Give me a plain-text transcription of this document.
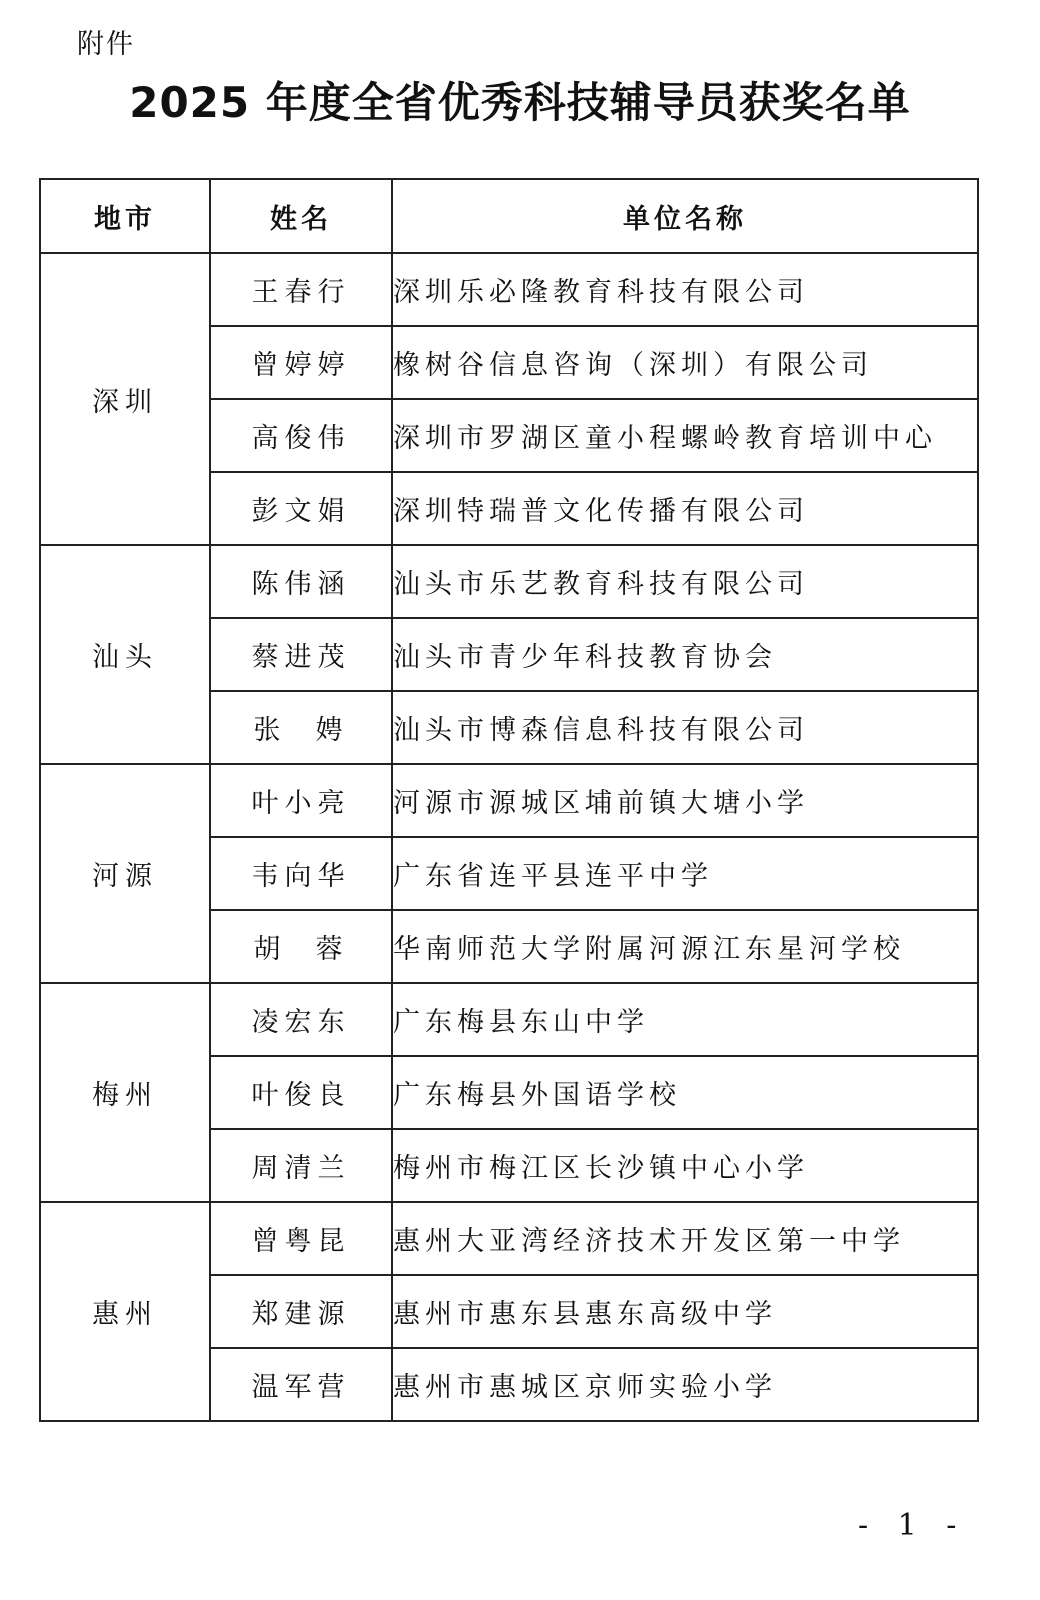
附件
2025 年度全省优秀科技辅导员获奖名单
地市	姓名	单位名称
深圳	王春行	深圳乐必隆教育科技有限公司
	曾婷婷	橡树谷信息咨询（深圳）有限公司
	高俊伟	深圳市罗湖区童小程螺岭教育培训中心
	彭文娟	深圳特瑞普文化传播有限公司
汕头	陈伟涵	汕头市乐艺教育科技有限公司
	蔡进茂	汕头市青少年科技教育协会
	张  娉	汕头市博森信息科技有限公司
河源	叶小亮	河源市源城区埔前镇大塘小学
	韦向华	广东省连平县连平中学
	胡  蓉	华南师范大学附属河源江东星河学校
梅州	凌宏东	广东梅县东山中学
	叶俊良	广东梅县外国语学校
	周清兰	梅州市梅江区长沙镇中心小学
惠州	曾粤昆	惠州大亚湾经济技术开发区第一中学
	郑建源	惠州市惠东县惠东高级中学
	温军营	惠州市惠城区京师实验小学
- 1 -
